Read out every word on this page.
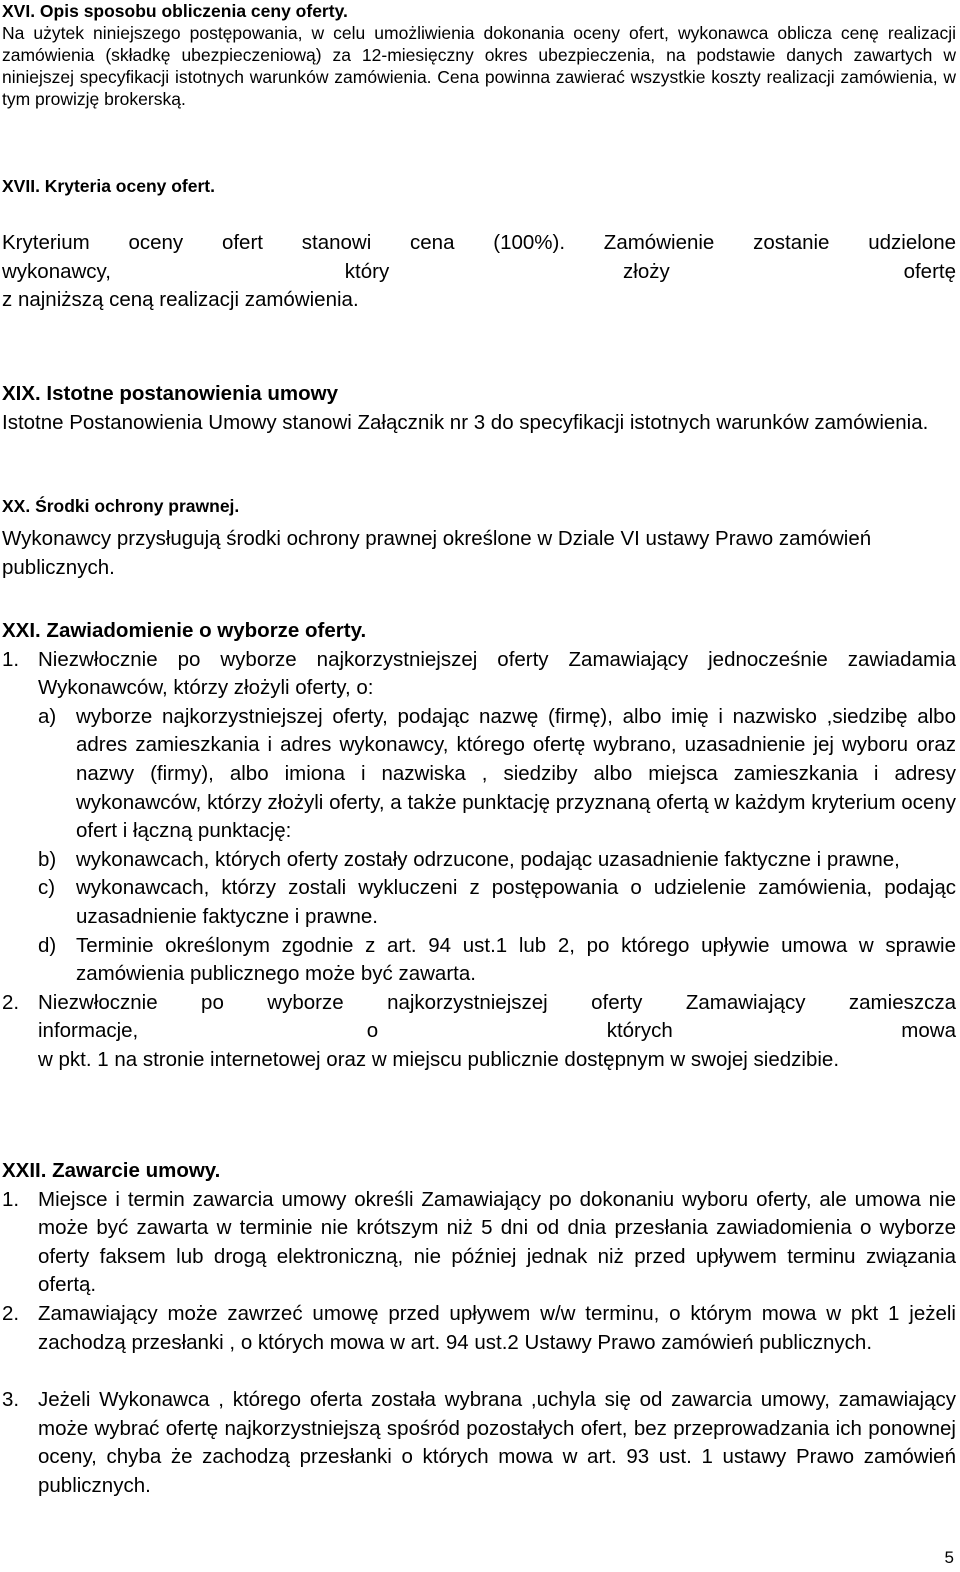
XVI. Opis sposobu obliczenia ceny oferty.

Na użytek niniejszego postępowania, w celu umożliwienia dokonania oceny ofert, wykonawca oblicza cenę realizacji zamówienia (składkę ubezpieczeniową) za 12-miesięczny okres ubezpieczenia, na podstawie danych zawartych w niniejszej specyfikacji istotnych warunków zamówienia. Cena powinna zawierać wszystkie koszty realizacji zamówienia, w tym prowizję brokerską.

XVII. Kryteria oceny ofert.
Kryterium oceny ofert stanowi cena (100%). Zamówienie zostanie udzielone
wykonawcy, który złoży ofertę
z najniższą ceną realizacji zamówienia.
XIX. Istotne postanowienia umowy

Istotne Postanowienia Umowy stanowi Załącznik nr 3 do specyfikacji istotnych warunków zamówienia.

XX. Środki ochrony prawnej.

Wykonawcy przysługują środki ochrony prawnej określone w Dziale VI ustawy Prawo zamówień publicznych.

XXI. Zawiadomienie o wyborze oferty.
1. Niezwłocznie po wyborze najkorzystniejszej oferty Zamawiający jednocześnie zawiadamia Wykonawców, którzy złożyli oferty, o:
a) wyborze najkorzystniejszej oferty, podając nazwę (firmę), albo imię i nazwisko ,siedzibę albo adres zamieszkania i adres wykonawcy, którego ofertę wybrano, uzasadnienie jej wyboru oraz nazwy (firmy), albo imiona i nazwiska , siedziby albo miejsca zamieszkania i adresy wykonawców, którzy złożyli oferty, a także punktację przyznaną ofertą w każdym kryterium oceny ofert i łączną punktację:
b) wykonawcach, których oferty zostały odrzucone, podając uzasadnienie faktyczne i prawne,
c) wykonawcach, którzy zostali wykluczeni z postępowania o udzielenie zamówienia, podając uzasadnienie faktyczne i prawne.
d) Terminie określonym zgodnie z art. 94 ust.1 lub 2, po którego upływie umowa w sprawie zamówienia publicznego może być zawarta.
2. Niezwłocznie po wyborze najkorzystniejszej oferty Zamawiający zamieszcza
informacje, o których mowa
w pkt. 1 na stronie internetowej oraz w miejscu publicznie dostępnym w swojej siedzibie.
XXII. Zawarcie umowy.
1. Miejsce i termin zawarcia umowy określi Zamawiający po dokonaniu wyboru oferty, ale umowa nie może być zawarta w terminie nie krótszym niż 5 dni od dnia przesłania zawiadomienia o wyborze oferty faksem lub drogą elektroniczną, nie później jednak niż przed upływem terminu związania ofertą.
2. Zamawiający może zawrzeć umowę przed upływem w/w terminu, o którym mowa w pkt 1 jeżeli zachodzą przesłanki , o których mowa w art. 94 ust.2 Ustawy Prawo zamówień publicznych.
3. Jeżeli Wykonawca , którego oferta została wybrana ,uchyla się od zawarcia umowy, zamawiający może wybrać ofertę najkorzystniejszą spośród pozostałych ofert, bez przeprowadzania ich ponownej oceny, chyba że zachodzą przesłanki o których mowa w art. 93 ust. 1 ustawy Prawo zamówień publicznych.
5
